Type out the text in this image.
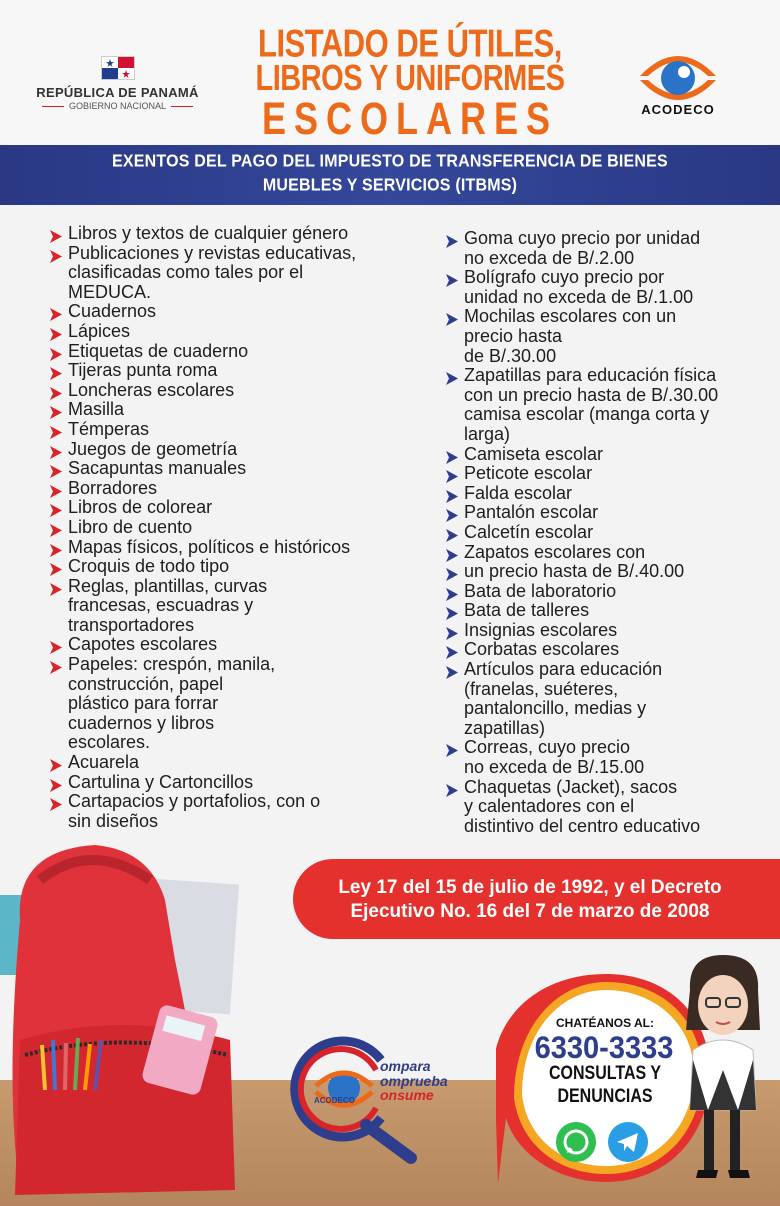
REPÚBLICA DE PANAMÁ
GOBIERNO NACIONAL
LISTADO DE ÚTILES,
LIBROS Y UNIFORMES
ESCOLARES	ACODECO
EXENTOS DEL PAGO DEL IMPUESTO DE TRANSFERENCIA DE BIENES MUEBLES Y SERVICIOS (ITBMS)
Libros y textos de cualquier género
Publicaciones y revistas educativas,
clasificadas como tales por el
MEDUCA.
Cuadernos
Lápices
Etiquetas de cuaderno
Tijeras punta roma
Loncheras escolares
Masilla
Témperas
Juegos de geometría
Sacapuntas manuales
Borradores
Libros de colorear
Libro de cuento
Mapas físicos, políticos e históricos
Croquis de todo tipo
Reglas, plantillas, curvas
francesas, escuadras y
transportadores
Capotes escolares
Papeles: crespón, manila,
construcción, papel
plástico para forrar
cuadernos y libros
escolares.
Acuarela
Cartulina y Cartoncillos
Cartapacios y portafolios, con o
sin diseños
Goma cuyo precio por unidad
no exceda de B/.2.00
Bolígrafo cuyo precio por
unidad no exceda de B/.1.00
Mochilas escolares con un
precio hasta
de B/.30.00
Zapatillas para educación física
con un precio hasta de B/.30.00
camisa escolar (manga corta y
larga)
Camiseta escolar
Peticote escolar
Falda escolar
Pantalón escolar
Calcetín escolar
Zapatos escolares con
un precio hasta de B/.40.00
Bata de laboratorio
Bata de talleres
Insignias escolares
Corbatas escolares
Artículos para educación
(franelas, suéteres,
pantaloncillo, medias y
zapatillas)
Correas, cuyo precio
no exceda de B/.15.00
Chaquetas (Jacket), sacos
y calentadores con el
distintivo del centro educativo
Ley 17 del 15 de julio de 1992, y el Decreto
Ejecutivo No. 16 del 7 de marzo de 2008
ompara
omprueba
onsume
ACODECO
CHATÉANOS AL:
6330-3333
CONSULTAS Y
DENUNCIAS
